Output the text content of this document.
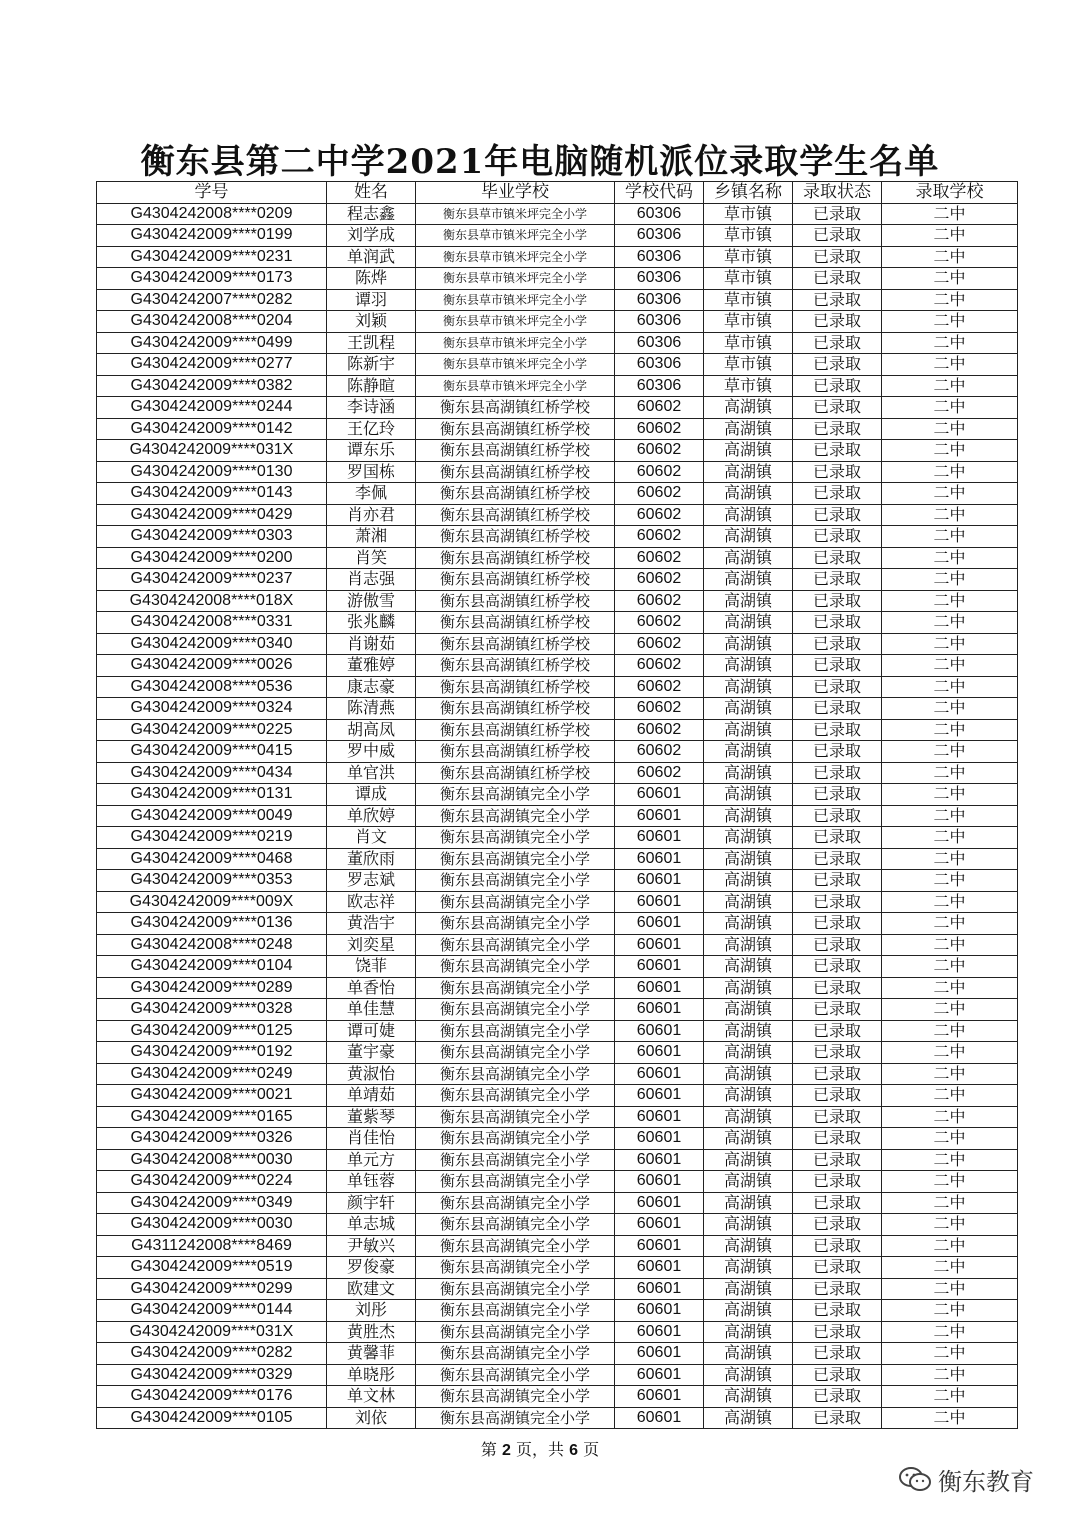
衡东县第二中学2021年电脑随机派位录取学生名单
学号	姓名	毕业学校	学校代码	乡镇名称	录取状态	录取学校
G4304242008****0209	程志鑫	衡东县草市镇米坪完全小学	60306	草市镇	已录取	二中
G4304242009****0199	刘学成	衡东县草市镇米坪完全小学	60306	草市镇	已录取	二中
G4304242009****0231	单润武	衡东县草市镇米坪完全小学	60306	草市镇	已录取	二中
G4304242009****0173	陈烨	衡东县草市镇米坪完全小学	60306	草市镇	已录取	二中
G4304242007****0282	谭羽	衡东县草市镇米坪完全小学	60306	草市镇	已录取	二中
G4304242008****0204	刘颖	衡东县草市镇米坪完全小学	60306	草市镇	已录取	二中
G4304242009****0499	王凯程	衡东县草市镇米坪完全小学	60306	草市镇	已录取	二中
G4304242009****0277	陈新宇	衡东县草市镇米坪完全小学	60306	草市镇	已录取	二中
G4304242009****0382	陈静暄	衡东县草市镇米坪完全小学	60306	草市镇	已录取	二中
G4304242009****0244	李诗涵	衡东县高湖镇红桥学校	60602	高湖镇	已录取	二中
G4304242009****0142	王亿玲	衡东县高湖镇红桥学校	60602	高湖镇	已录取	二中
G4304242009****031X	谭东乐	衡东县高湖镇红桥学校	60602	高湖镇	已录取	二中
G4304242009****0130	罗国栋	衡东县高湖镇红桥学校	60602	高湖镇	已录取	二中
G4304242009****0143	李佩	衡东县高湖镇红桥学校	60602	高湖镇	已录取	二中
G4304242009****0429	肖亦君	衡东县高湖镇红桥学校	60602	高湖镇	已录取	二中
G4304242009****0303	萧湘	衡东县高湖镇红桥学校	60602	高湖镇	已录取	二中
G4304242009****0200	肖笑	衡东县高湖镇红桥学校	60602	高湖镇	已录取	二中
G4304242009****0237	肖志强	衡东县高湖镇红桥学校	60602	高湖镇	已录取	二中
G4304242008****018X	游傲雪	衡东县高湖镇红桥学校	60602	高湖镇	已录取	二中
G4304242008****0331	张兆麟	衡东县高湖镇红桥学校	60602	高湖镇	已录取	二中
G4304242009****0340	肖谢茹	衡东县高湖镇红桥学校	60602	高湖镇	已录取	二中
G4304242009****0026	董雅婷	衡东县高湖镇红桥学校	60602	高湖镇	已录取	二中
G4304242008****0536	康志豪	衡东县高湖镇红桥学校	60602	高湖镇	已录取	二中
G4304242009****0324	陈清燕	衡东县高湖镇红桥学校	60602	高湖镇	已录取	二中
G4304242009****0225	胡高凤	衡东县高湖镇红桥学校	60602	高湖镇	已录取	二中
G4304242009****0415	罗中威	衡东县高湖镇红桥学校	60602	高湖镇	已录取	二中
G4304242009****0434	单官洪	衡东县高湖镇红桥学校	60602	高湖镇	已录取	二中
G4304242009****0131	谭成	衡东县高湖镇完全小学	60601	高湖镇	已录取	二中
G4304242009****0049	单欣婷	衡东县高湖镇完全小学	60601	高湖镇	已录取	二中
G4304242009****0219	肖文	衡东县高湖镇完全小学	60601	高湖镇	已录取	二中
G4304242009****0468	董欣雨	衡东县高湖镇完全小学	60601	高湖镇	已录取	二中
G4304242009****0353	罗志斌	衡东县高湖镇完全小学	60601	高湖镇	已录取	二中
G4304242009****009X	欧志祥	衡东县高湖镇完全小学	60601	高湖镇	已录取	二中
G4304242009****0136	黄浩宇	衡东县高湖镇完全小学	60601	高湖镇	已录取	二中
G4304242008****0248	刘奕星	衡东县高湖镇完全小学	60601	高湖镇	已录取	二中
G4304242009****0104	饶菲	衡东县高湖镇完全小学	60601	高湖镇	已录取	二中
G4304242009****0289	单香怡	衡东县高湖镇完全小学	60601	高湖镇	已录取	二中
G4304242009****0328	单佳慧	衡东县高湖镇完全小学	60601	高湖镇	已录取	二中
G4304242009****0125	谭可婕	衡东县高湖镇完全小学	60601	高湖镇	已录取	二中
G4304242009****0192	董宇豪	衡东县高湖镇完全小学	60601	高湖镇	已录取	二中
G4304242009****0249	黄淑怡	衡东县高湖镇完全小学	60601	高湖镇	已录取	二中
G4304242009****0021	单靖茹	衡东县高湖镇完全小学	60601	高湖镇	已录取	二中
G4304242009****0165	董紫琴	衡东县高湖镇完全小学	60601	高湖镇	已录取	二中
G4304242009****0326	肖佳怡	衡东县高湖镇完全小学	60601	高湖镇	已录取	二中
G4304242008****0030	单元方	衡东县高湖镇完全小学	60601	高湖镇	已录取	二中
G4304242009****0224	单钰蓉	衡东县高湖镇完全小学	60601	高湖镇	已录取	二中
G4304242009****0349	颜宇轩	衡东县高湖镇完全小学	60601	高湖镇	已录取	二中
G4304242009****0030	单志城	衡东县高湖镇完全小学	60601	高湖镇	已录取	二中
G4311242008****8469	尹敏兴	衡东县高湖镇完全小学	60601	高湖镇	已录取	二中
G4304242009****0519	罗俊豪	衡东县高湖镇完全小学	60601	高湖镇	已录取	二中
G4304242009****0299	欧建文	衡东县高湖镇完全小学	60601	高湖镇	已录取	二中
G4304242009****0144	刘彤	衡东县高湖镇完全小学	60601	高湖镇	已录取	二中
G4304242009****031X	黄胜杰	衡东县高湖镇完全小学	60601	高湖镇	已录取	二中
G4304242009****0282	黄馨菲	衡东县高湖镇完全小学	60601	高湖镇	已录取	二中
G4304242009****0329	单晓彤	衡东县高湖镇完全小学	60601	高湖镇	已录取	二中
G4304242009****0176	单文林	衡东县高湖镇完全小学	60601	高湖镇	已录取	二中
G4304242009****0105	刘依	衡东县高湖镇完全小学	60601	高湖镇	已录取	二中
第 2 页，共 6 页
衡东教育
